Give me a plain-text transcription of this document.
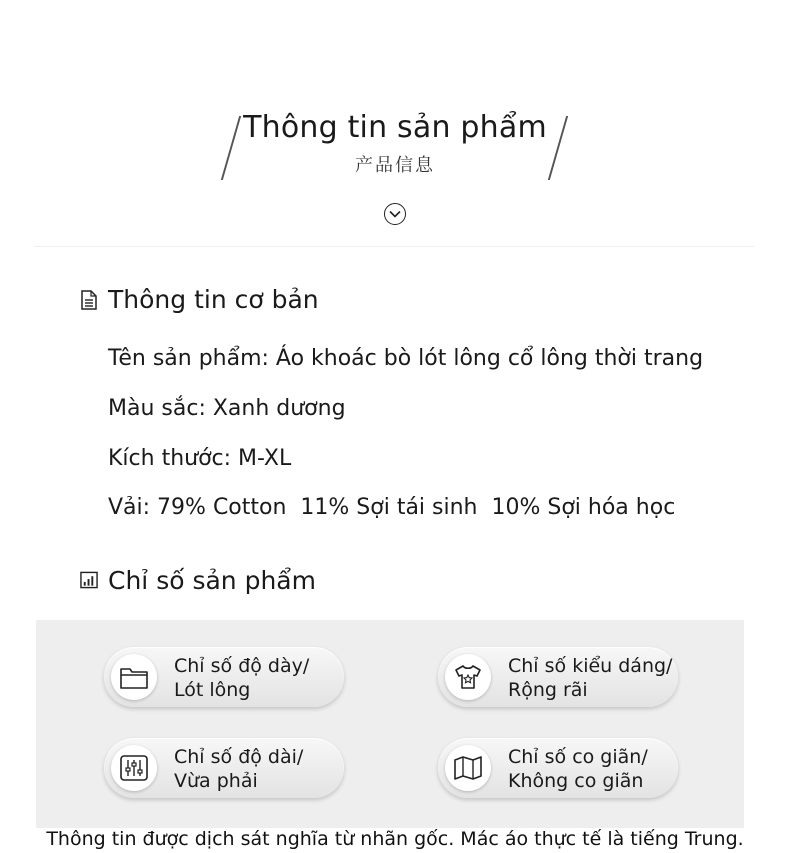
Thông tin sản phẩm
产品信息
Thông tin cơ bản
Tên sản phẩm: Áo khoác bò lót lông cổ lông thời trang
Màu sắc: Xanh dương
Kích thước: M-XL
Vải: 79% Cotton  11% Sợi tái sinh  10% Sợi hóa học
Chỉ số sản phẩm
Chỉ số độ dày/
Lót lông
Chỉ số kiểu dáng/
Rộng rãi
Chỉ số độ dài/
Vừa phải
Chỉ số co giãn/
Không co giãn
Thông tin được dịch sát nghĩa từ nhãn gốc. Mác áo thực tế là tiếng Trung.
